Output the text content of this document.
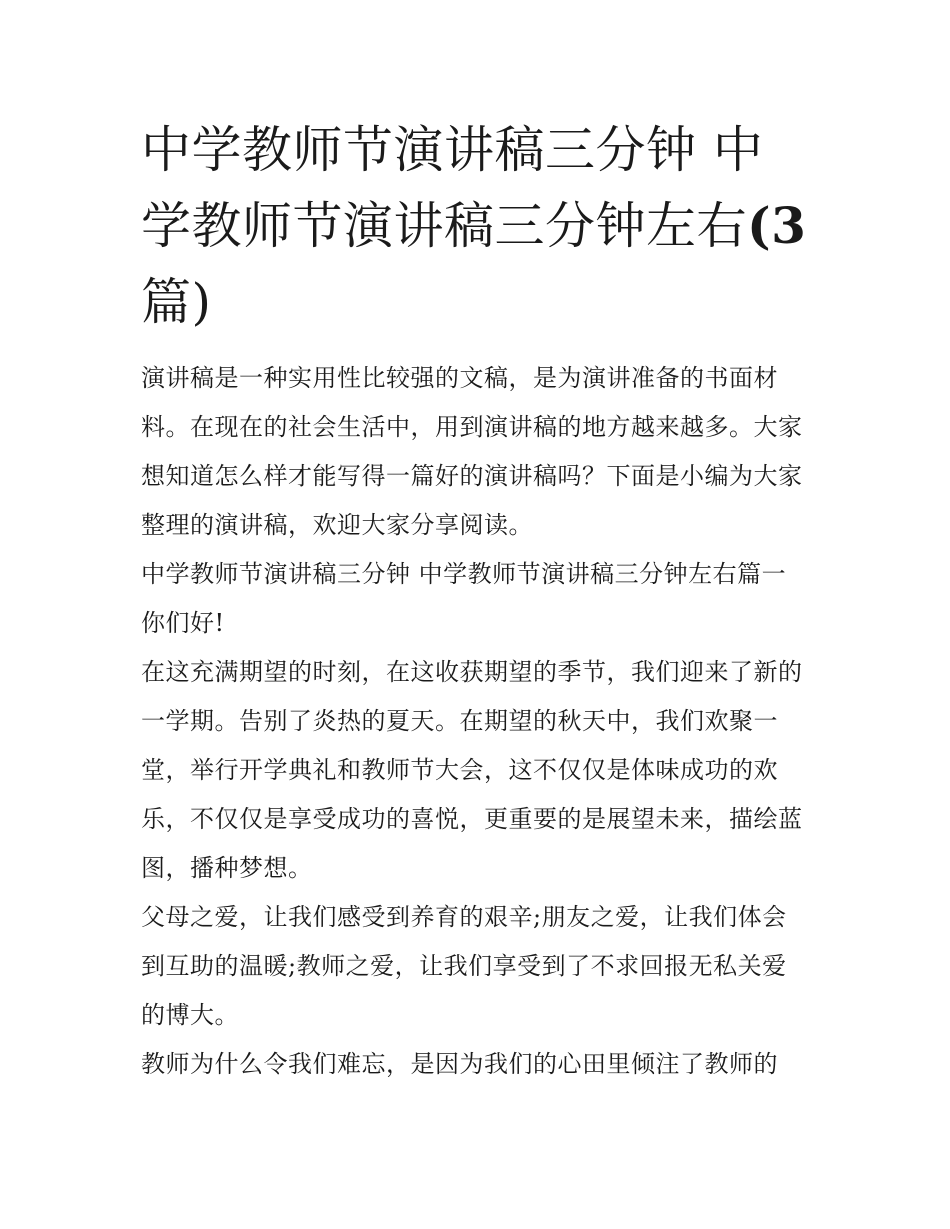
中学教师节演讲稿三分钟 中学教师节演讲稿三分钟左右(3
篇)

演讲稿是一种实用性比较强的文稿，是为演讲准备的书面材料。在现在的社会生活中，用到演讲稿的地方越来越多。大家想知道怎么样才能写得一篇好的演讲稿吗？下面是小编为大家整理的演讲稿，欢迎大家分享阅读。

中学教师节演讲稿三分钟 中学教师节演讲稿三分钟左右篇一

你们好!

在这充满期望的时刻，在这收获期望的季节，我们迎来了新的一学期。告别了炎热的夏天。在期望的秋天中，我们欢聚一堂，举行开学典礼和教师节大会，这不仅仅是体味成功的欢乐，不仅仅是享受成功的喜悦，更重要的是展望未来，描绘蓝图，播种梦想。

父母之爱，让我们感受到养育的艰辛;朋友之爱，让我们体会到互助的温暖;教师之爱，让我们享受到了不求回报无私关爱的博大。

教师为什么令我们难忘，是因为我们的心田里倾注了教师的
